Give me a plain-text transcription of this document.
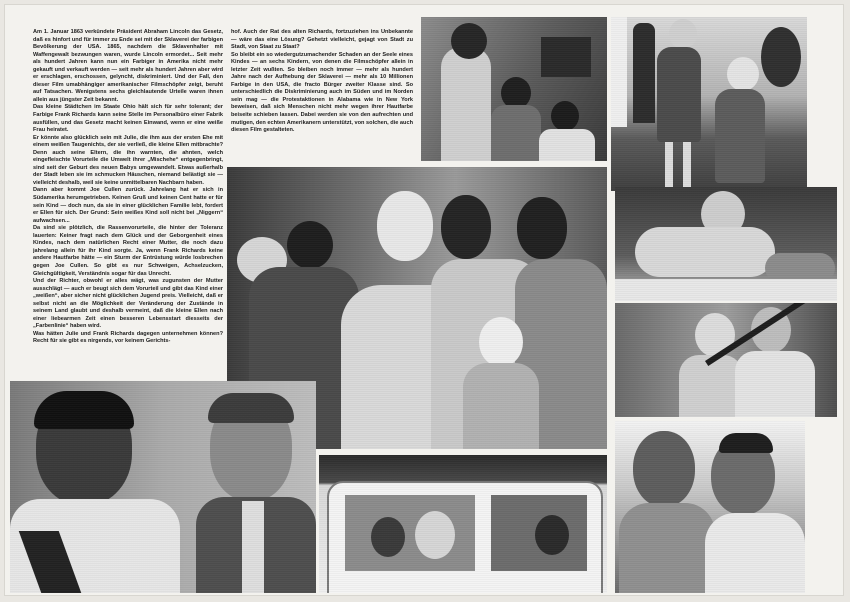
Am 1. Januar 1863 verkündete Präsident Abraham Lincoln das Gesetz, daß es hinfort und für immer zu Ende sei mit der Sklaverei der farbigen Bevölkerung der USA. 1865, nachdem die Sklavenhalter mit Waffengewalt bezwungen waren, wurde Lincoln ermordet... Seit mehr als hundert Jahren kann nun ein Farbiger in Amerika nicht mehr gekauft und verkauft werden — seit mehr als hundert Jahren aber wird er erschlagen, erschossen, gelyncht, diskriminiert. Und der Fall, den dieser Film umabhängiger amerikanischer Filmschöpfer zeigt, beruht auf Tatsachen. Wenigstens sechs gleichlautende Urteile waren ihnen allein aus jüngster Zeit bekannt.

Das kleine Städtchen im Staate Ohio hält sich für sehr tolerant; der Farbige Frank Richards kann seine Stelle im Personalbüro einer Fabrik ausfüllen, und das Gesetz macht keinen Einwand, wenn er eine weiße Frau heiratet.

Er könnte also glücklich sein mit Julie, die ihm aus der ersten Ehe mit einem weißen Taugenichts, der sie verließ, die kleine Ellen mitbrachte? Denn auch seine Eltern, die ihn warnten, die ahnten, welch eingefleischte Vorurteile die Umwelt ihrer „Mischehe“ entgegenbringt, sind seit der Geburt des neuen Babys umgewandelt. Etwas außerhalb der Stadt leben sie im schmucken Häuschen, niemand belästigt sie — vielleicht deshalb, weil sie keine unmittelbaren Nachbarn haben.

Dann aber kommt Joe Cullen zurück. Jahrelang hat er sich in Südamerika herumgetrieben. Keinen Gruß und keinen Cent hatte er für sein Kind — doch nun, da sie in einer glücklichen Familie lebt, fordert er Ellen für sich. Der Grund: Sein weißes Kind soll nicht bei „Niggern“ aufwachsen...

Da sind sie plötzlich, die Rassenvorurteile, die hinter der Toleranz lauerten: Keiner fragt nach dem Glück und der Geborgenheit eines Kindes, nach dem natürlichen Recht einer Mutter, die noch dazu jahrelang allein für ihr Kind sorgte. Ja, wenn Frank Richards keine andere Hautfarbe hätte — ein Sturm der Entrüstung würde losbrechen gegen Joe Cullen. So gibt es nur Schweigen, Achselzucken, Gleichgültigkeit, Verständnis sogar für das Unrecht.

Und der Richter, obwohl er alles wägt, was zugunsten der Mutter ausschlägt — auch er beugt sich dem Vorurteil und gibt das Kind einer „weißen“, aber sicher nicht glücklichen Jugend preis. Vielleicht, daß er selbst nicht an die Möglichkeit der Veränderung der Zustände in seinem Land glaubt und deshalb vermeint, daß die kleine Ellen nach einer liebearmen Zeit einen besseren Lebensstart diesseits der „Farbenlinie“ haben wird.

Was hätten Julie und Frank Richards dagegen unternehmen können? Recht für sie gibt es nirgends, vor keinem Gerichts-

hof. Auch der Rat des alten Richards, fortzuziehen ins Unbekannte — wäre das eine Lösung? Gehetzt vielleicht, gejagt von Stadt zu Stadt, von Staat zu Staat?

So bleibt ein so wiedergutzumachender Schaden an der Seele eines Kindes — an sechs Kindern, von denen die Filmschöpfer allein in letzter Zeit wußten. So bleiben noch immer — mehr als hundert Jahre nach der Aufhebung der Sklaverei — mehr als 10 Millionen Farbige in den USA, die fracto Bürger zweiter Klasse sind. So unterschiedlich die Diskriminierung auch im Süden und im Norden sein mag — die Protestaktionen in Alabama wie in New York beweisen, daß sich Menschen nicht mehr wegen ihrer Hautfarbe beiseite schieben lassen. Dabei werden sie von den aufrechten und mutigen, den echten Amerikanern unterstützt, von solchen, die auch diesen Film gestalteten.
